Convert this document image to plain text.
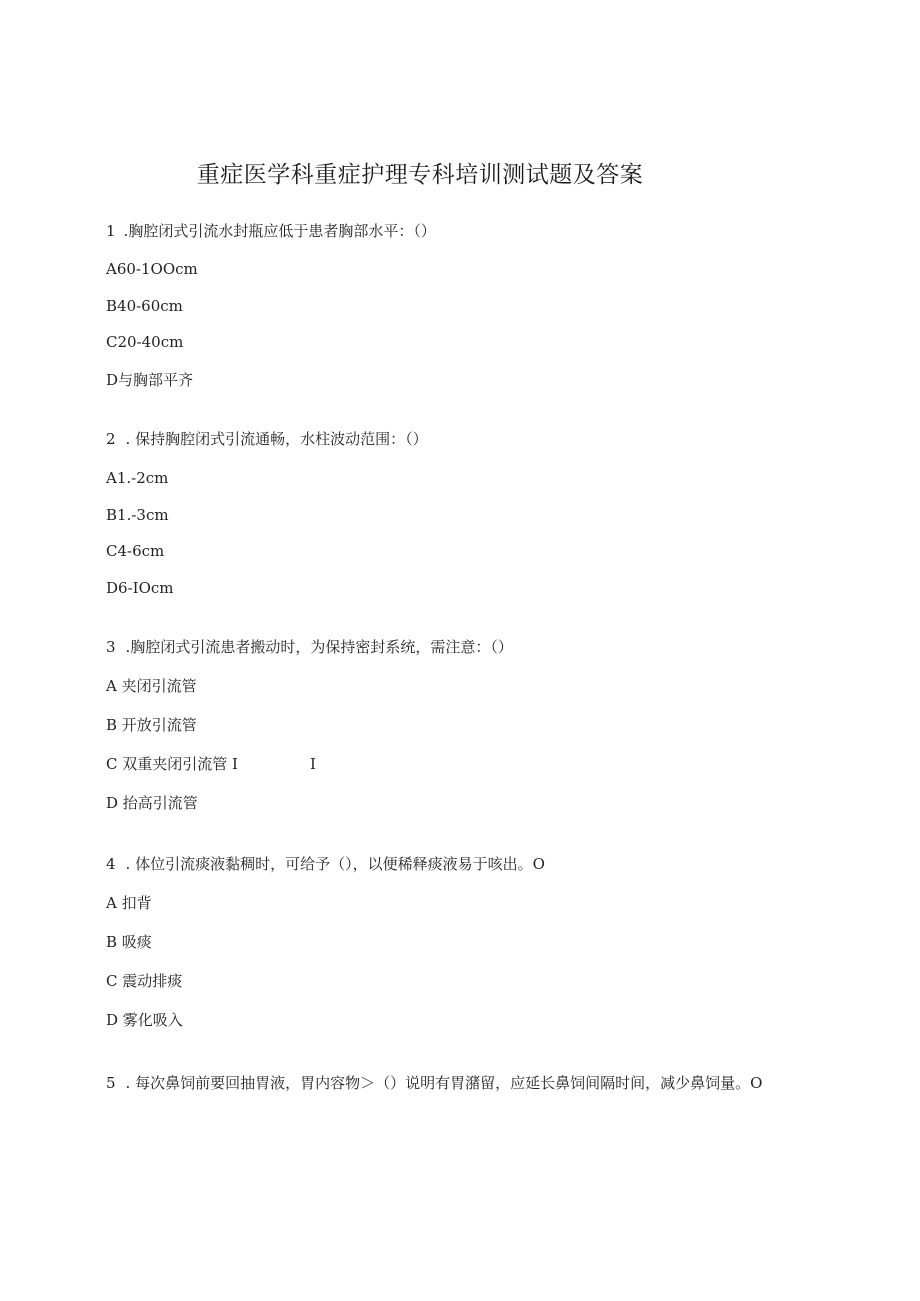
重症医学科重症护理专科培训测试题及答案
1 .胸腔闭式引流水封瓶应低于患者胸部水平：（）
A60-1OOcm
B40-60cm
C20-40cm
D与胸部平齐
2 . 保持胸腔闭式引流通畅，水柱波动范围：（）
A1.-2cm
B1.-3cm
C4-6cm
D6-IOcm
3 .胸腔闭式引流患者搬动时，为保持密封系统，需注意：（）
A 夹闭引流管
B 开放引流管
C 双重夹闭引流管 I	I
D 抬高引流管
4 . 体位引流痰液黏稠时，可给予（），以便稀释痰液易于咳出。O
A 扣背
B 吸痰
C 震动排痰
D 雾化吸入
5 . 每次鼻饲前要回抽胃液，胃内容物＞（）说明有胃潴留，应延长鼻饲间隔时间，减少鼻饲量。O
